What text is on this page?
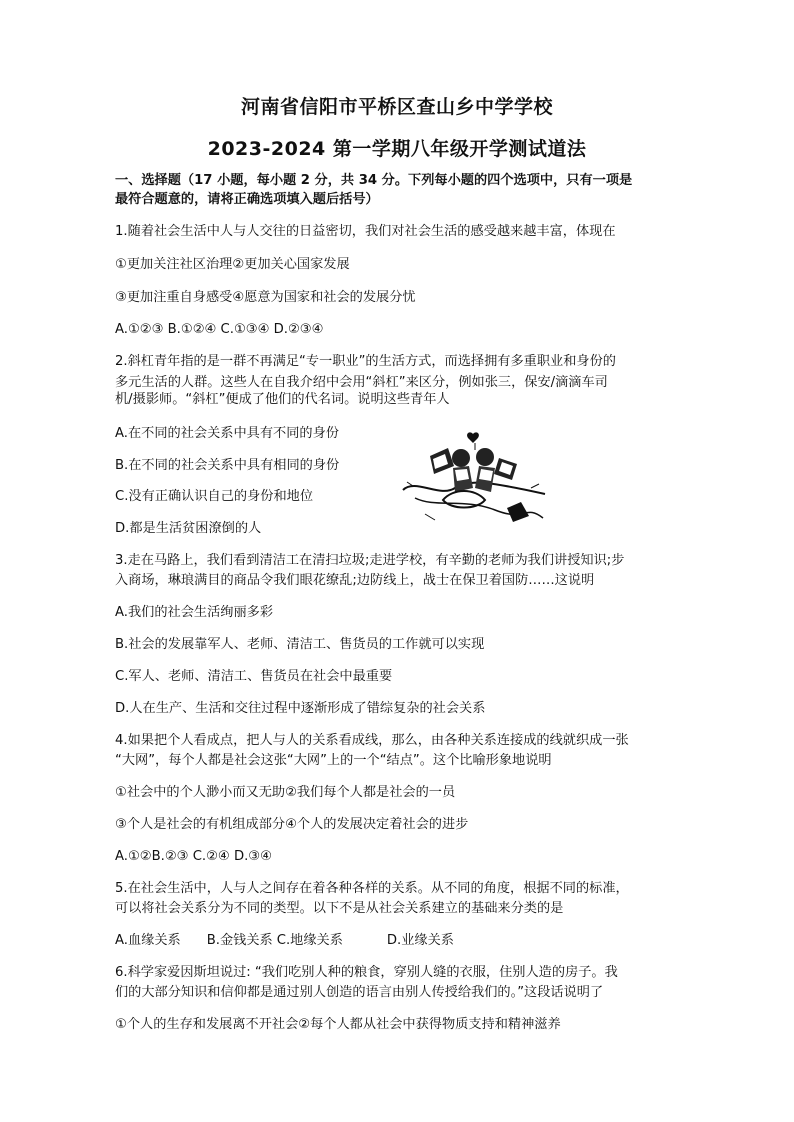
河南省信阳市平桥区查山乡中学学校
2023-2024 第一学期八年级开学测试道法
一、选择题（17 小题，每小题 2 分，共 34 分。下列每小题的四个选项中，只有一项是
最符合题意的，请将正确选项填入题后括号）
1.随着社会生活中人与人交往的日益密切，我们对社会生活的感受越来越丰富，体现在
①更加关注社区治理②更加关心国家发展
③更加注重自身感受④愿意为国家和社会的发展分忧
A.①②③ B.①②④ C.①③④ D.②③④
2.斜杠青年指的是一群不再满足“专一职业”的生活方式，而选择拥有多重职业和身份的
多元生活的人群。这些人在自我介绍中会用“斜杠”来区分，例如张三，保安/滴滴车司
机/摄影师。“斜杠”便成了他们的代名词。说明这些青年人
A.在不同的社会关系中具有不同的身份
B.在不同的社会关系中具有相同的身份
C.没有正确认识自己的身份和地位
D.都是生活贫困潦倒的人
3.走在马路上，我们看到清洁工在清扫垃圾;走进学校，有辛勤的老师为我们讲授知识;步
入商场，琳琅满目的商品令我们眼花缭乱;边防线上，战士在保卫着国防……这说明
A.我们的社会生活绚丽多彩
B.社会的发展靠军人、老师、清洁工、售货员的工作就可以实现
C.军人、老师、清洁工、售货员在社会中最重要
D.人在生产、生活和交往过程中逐渐形成了错综复杂的社会关系
4.如果把个人看成点，把人与人的关系看成线，那么，由各种关系连接成的线就织成一张
“大网”，每个人都是社会这张“大网”上的一个“结点”。这个比喻形象地说明
①社会中的个人渺小而又无助②我们每个人都是社会的一员
③个人是社会的有机组成部分④个人的发展决定着社会的进步
A.①②B.②③ C.②④ D.③④
5.在社会生活中，人与人之间存在着各种各样的关系。从不同的角度，根据不同的标准，
可以将社会关系分为不同的类型。以下不是从社会关系建立的基础来分类的是
A.血缘关系 B.金钱关系 C.地缘关系	D.业缘关系
6.科学家爱因斯坦说过: “我们吃别人种的粮食，穿别人缝的衣服，住别人造的房子。我
们的大部分知识和信仰都是通过别人创造的语言由别人传授给我们的。”这段话说明了
①个人的生存和发展离不开社会②每个人都从社会中获得物质支持和精神滋养
